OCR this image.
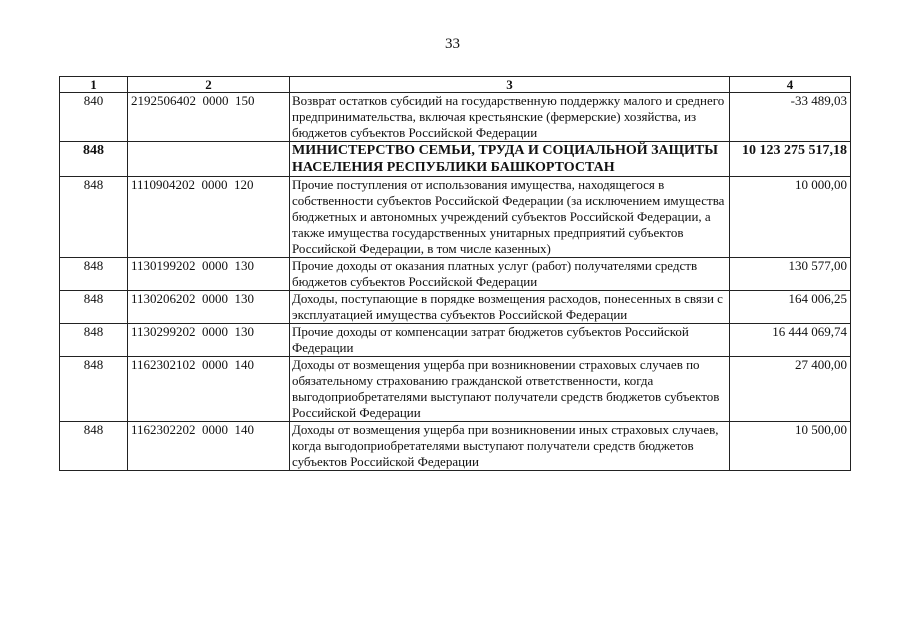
33
1	2	3	4
840	2192506402  0000  150	Возврат остатков субсидий на государственную поддержку малого и среднего предпринимательства, включая крестьянские (фермерские) хозяйства, из бюджетов субъектов Российской Федерации	-33 489,03
848		МИНИСТЕРСТВО СЕМЬИ, ТРУДА И СОЦИАЛЬНОЙ ЗАЩИТЫ НАСЕЛЕНИЯ РЕСПУБЛИКИ БАШКОРТОСТАН	10 123 275 517,18
848	1110904202  0000  120	Прочие поступления от использования имущества, находящегося в собственности субъектов Российской Федерации (за исключением имущества бюджетных и автономных учреждений субъектов Российской Федерации, а также имущества государственных унитарных предприятий субъектов Российской Федерации, в том числе казенных)	10 000,00
848	1130199202  0000  130	Прочие доходы от оказания платных услуг (работ) получателями средств бюджетов субъектов Российской Федерации	130 577,00
848	1130206202  0000  130	Доходы, поступающие в порядке возмещения расходов, понесенных в связи с эксплуатацией имущества субъектов Российской Федерации	164 006,25
848	1130299202  0000  130	Прочие доходы от компенсации затрат бюджетов субъектов Российской Федерации	16 444 069,74
848	1162302102  0000  140	Доходы от возмещения ущерба при возникновении страховых случаев по обязательному страхованию гражданской ответственности, когда выгодоприобретателями выступают получатели средств бюджетов субъектов Российской Федерации	27 400,00
848	1162302202  0000  140	Доходы от возмещения ущерба при возникновении иных страховых случаев, когда выгодоприобретателями выступают получатели средств бюджетов субъектов Российской Федерации	10 500,00
